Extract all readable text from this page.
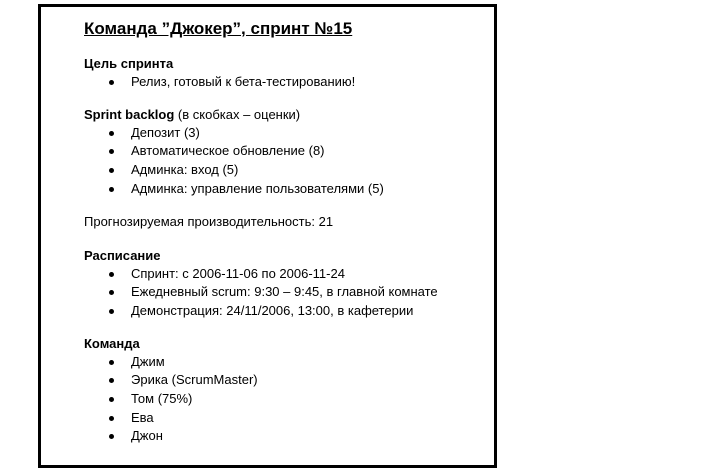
Команда ”Джокер”, спринт №15
Цель спринта
Релиз, готовый к бета-тестированию!
Sprint backlog (в скобках – оценки)
Депозит (3)
Автоматическое обновление (8)
Админка: вход (5)
Админка: управление пользователями (5)
Прогнозируемая производительность: 21
Расписание
Спринт: с 2006-11-06 по 2006-11-24
Ежедневный scrum: 9:30 – 9:45, в главной комнате
Демонстрация: 24/11/2006, 13:00, в кафетерии
Команда
Джим
Эрика (ScrumMaster)
Том (75%)
Ева
Джон
